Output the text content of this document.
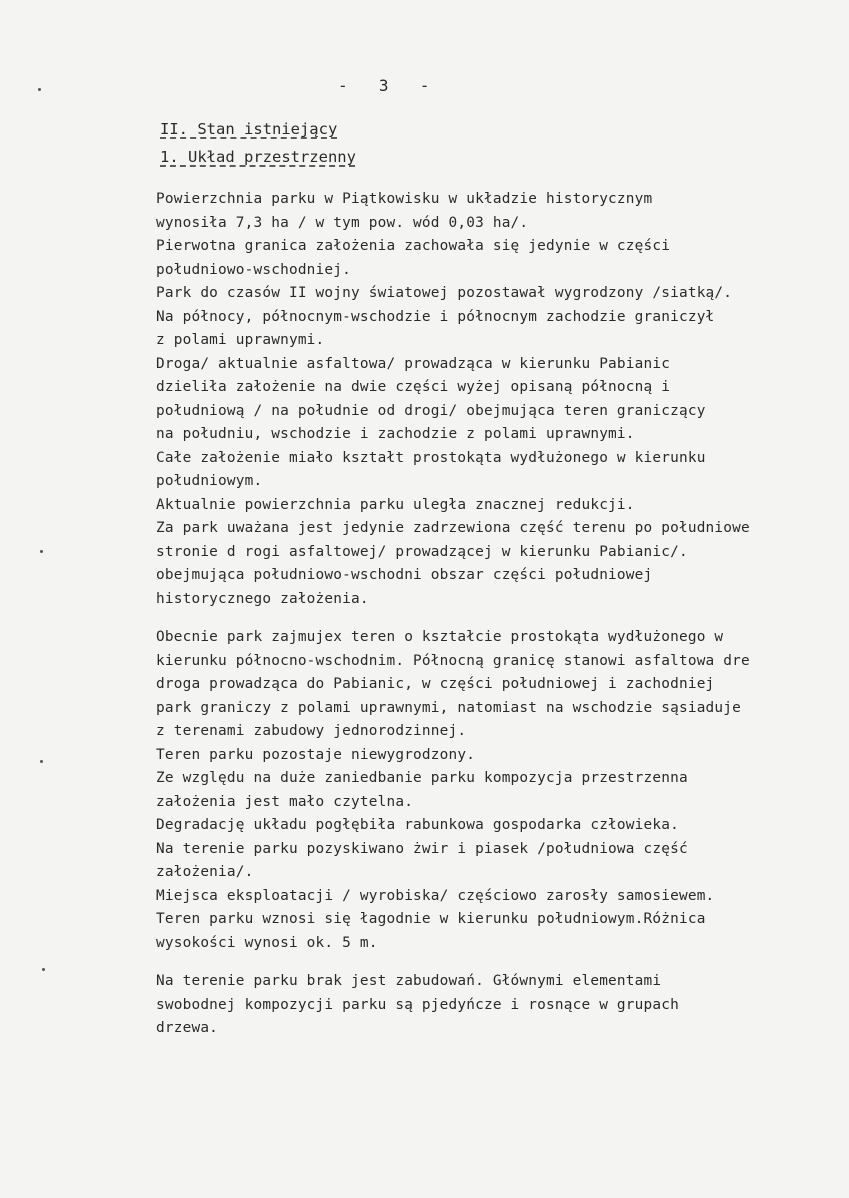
-  3  -
II. Stan istniejący
1. Układ przestrzenny
Powierzchnia parku w Piątkowisku w układzie historycznym
wynosiła 7,3 ha / w tym pow. wód 0,03 ha/.
Pierwotna granica założenia zachowała się jedynie w części
południowo-wschodniej.
Park do czasów II wojny światowej pozostawał wygrodzony /siatką/.
Na północy, północnym-wschodzie i północnym zachodzie graniczył
z polami uprawnymi.
Droga/ aktualnie asfaltowa/ prowadząca w kierunku Pabianic
dzieliła założenie na dwie części wyżej opisaną północną i
południową / na południe od drogi/ obejmująca teren graniczący
na południu, wschodzie i zachodzie z polami uprawnymi.
Całe założenie miało kształt prostokąta wydłużonego w kierunku
południowym.
Aktualnie powierzchnia parku uległa znacznej redukcji.
Za park uważana jest jedynie zadrzewiona część terenu po południowe
stronie d rogi asfaltowej/ prowadzącej w kierunku Pabianic/.
obejmująca południowo-wschodni obszar części południowej
historycznego założenia.
Obecnie park zajmujex teren o kształcie prostokąta wydłużonego w
kierunku północno-wschodnim. Północną granicę stanowi asfaltowa dre
droga prowadząca do Pabianic, w części południowej i zachodniej
park graniczy z polami uprawnymi, natomiast na wschodzie sąsiaduje
z terenami zabudowy jednorodzinnej.
Teren parku pozostaje niewygrodzony.
Ze względu na duże zaniedbanie parku kompozycja przestrzenna
założenia jest mało czytelna.
Degradację układu pogłębiła rabunkowa gospodarka człowieka.
Na terenie parku pozyskiwano żwir i piasek /południowa część
założenia/.
Miejsca eksploatacji / wyrobiska/ częściowo zarosły samosiewem.
Teren parku wznosi się łagodnie w kierunku południowym.Różnica
wysokości wynosi ok. 5 m.
Na terenie parku brak jest zabudowań. Głównymi elementami
swobodnej kompozycji parku są pjedyńcze i rosnące w grupach
drzewa.
